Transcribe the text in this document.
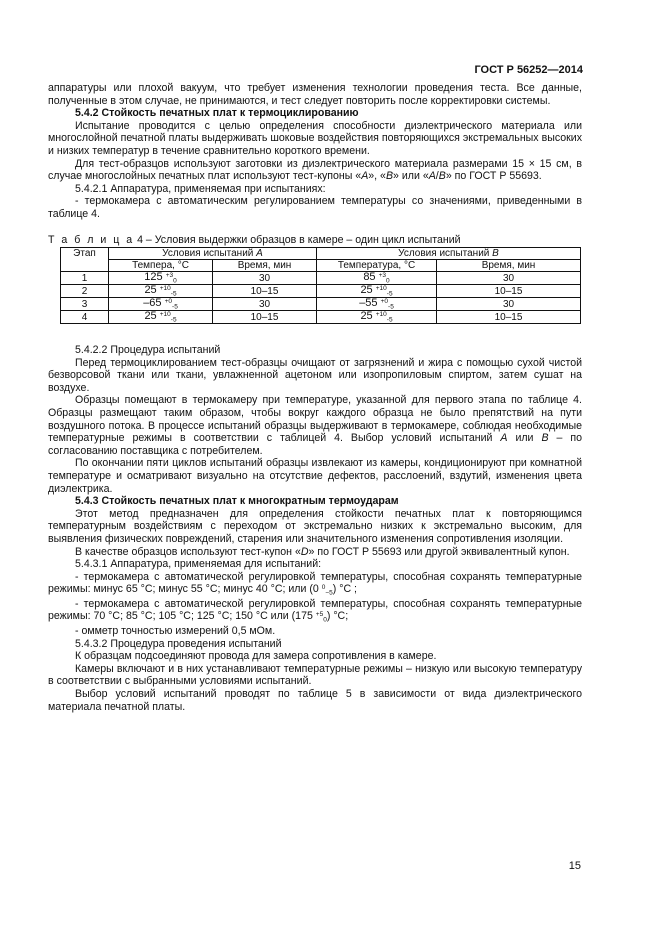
ГОСТ Р 56252—2014

аппаратуры или плохой вакуум, что требует изменения технологии проведения теста. Все данные, полученные в этом случае, не принимаются, и тест следует повторить после корректировки системы.

5.4.2 Стойкость печатных плат к термоциклированию

Испытание проводится с целью определения способности диэлектрического материала или многослойной печатной платы выдерживать шоковые воздействия повторяющихся экстремальных высоких и низких температур в течение сравнительно короткого времени.

Для тест-образцов используют заготовки из диэлектрического материала размерами 15 × 15 см, в случае многослойных печатных плат используют тест-купоны «A», «B» или «A/B» по ГОСТ Р 55693.

5.4.2.1 Аппаратура, применяемая при испытаниях:

- термокамера с автоматическим регулированием температуры со значениями, приведенными в таблице 4.

Т а б л и ц а 4 – Условия выдержки образцов в камере – один цикл испытаний
Этап	Условия испытаний A		Условия испытаний B	
	Темпера, °C	Время, мин	Температура, °C	Время, мин
1	125 $^{+3}_0$	30	85 $^{+3}_0$	30
2	25 $^{+10}_{-5}$	10–15	25 $^{+10}_{-5}$	10–15
3	–65 $^{+0}_{-5}$	30	–55 $^{+0}_{-5}$	30
4	25 $^{+10}_{-5}$	10–15	25 $^{+10}_{-5}$	10–15

5.4.2.2 Процедура испытаний

Перед термоциклированием тест-образцы очищают от загрязнений и жира с помощью сухой чистой безворсовой ткани или ткани, увлажненной ацетоном или изопропиловым спиртом, затем сушат на воздухе.

Образцы помещают в термокамеру при температуре, указанной для первого этапа по таблице 4. Образцы размещают таким образом, чтобы вокруг каждого образца не было препятствий на пути воздушного потока. В процессе испытаний образцы выдерживают в термокамере, соблюдая необходимые температурные режимы в соответствии с таблицей 4. Выбор условий испытаний A или B – по согласованию поставщика с потребителем.

По окончании пяти циклов испытаний образцы извлекают из камеры, кондиционируют при комнатной температуре и осматривают визуально на отсутствие дефектов, расслоений, вздутий, изменения цвета диэлектрика.

5.4.3 Стойкость печатных плат к многократным термоударам

Этот метод предназначен для определения стойкости печатных плат к повторяющимся температурным воздействиям с переходом от экстремально низких к экстремально высоким, для выявления физических повреждений, старения или значительного изменения сопротивления изоляции.

В качестве образцов используют тест-купон «D» по ГОСТ Р 55693 или другой эквивалентный купон.

5.4.3.1 Аппаратура, применяемая для испытаний:

- термокамера с автоматической регулировкой температуры, способная сохранять температурные режимы: минус 65 °C; минус 55 °C; минус 40 °C; или (0 $^0_{-5}$) °C ;

- термокамера с автоматической регулировкой температуры, способная сохранять температурные режимы: 70 °C; 85 °C; 105 °C; 125 °C; 150 °C или (175 $^{+5}_0$) °C;

- омметр точностью измерений 0,5 мОм.

5.4.3.2 Процедура проведения испытаний

К образцам подсоединяют провода для замера сопротивления в камере.

Камеры включают и в них устанавливают температурные режимы – низкую или высокую температуру в соответствии с выбранными условиями испытаний.

Выбор условий испытаний проводят по таблице 5 в зависимости от вида диэлектрического материала печатной платы.

15
